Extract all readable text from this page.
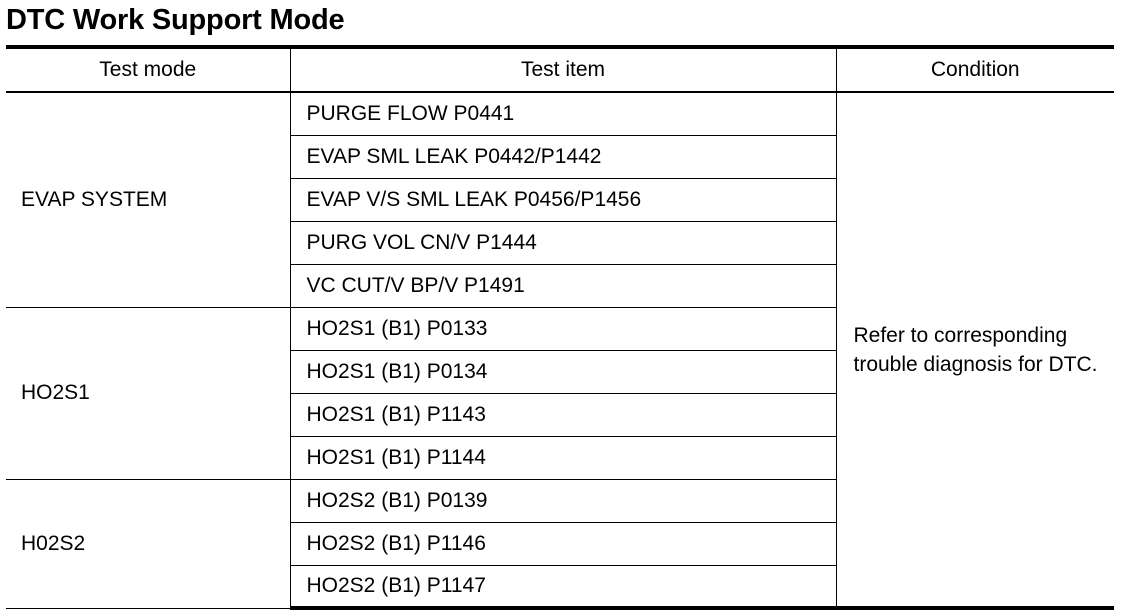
DTC Work Support Mode
Test mode	Test item	Condition
EVAP SYSTEM	PURGE FLOW P0441	Refer to corresponding trouble diagnosis for DTC.
	EVAP SML LEAK P0442/P1442	
	EVAP V/S SML LEAK P0456/P1456	
	PURG VOL CN/V P1444	
	VC CUT/V BP/V P1491	
HO2S1	HO2S1 (B1) P0133	
	HO2S1 (B1) P0134	
	HO2S1 (B1) P1143	
	HO2S1 (B1) P1144	
H02S2	HO2S2 (B1) P0139	
	HO2S2 (B1) P1146	
	HO2S2 (B1) P1147	
